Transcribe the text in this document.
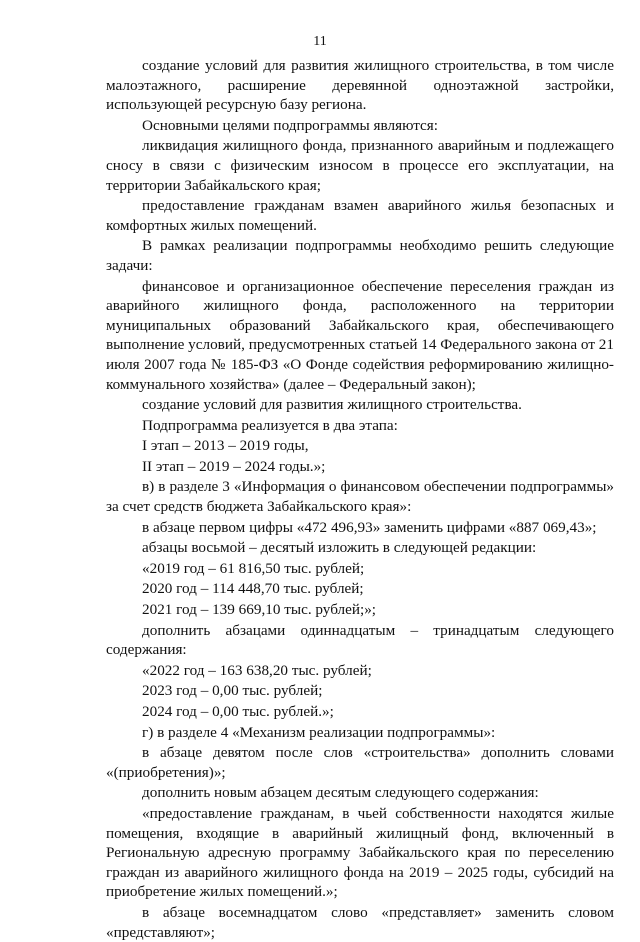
11

создание условий для развития жилищного строительства, в том числе малоэтажного, расширение деревянной одноэтажной застройки, использующей ресурсную базу региона.

Основными целями подпрограммы являются:

ликвидация жилищного фонда, признанного аварийным и подлежащего сносу в связи с физическим износом в процессе его эксплуатации, на территории Забайкальского края;

предоставление гражданам взамен аварийного жилья безопасных и комфортных жилых помещений.

В рамках реализации подпрограммы необходимо решить следующие задачи:

финансовое и организационное обеспечение переселения граждан из аварийного жилищного фонда, расположенного на территории муниципальных образований Забайкальского края, обеспечивающего выполнение условий, предусмотренных статьей 14 Федерального закона от 21 июля 2007 года № 185-ФЗ «О Фонде содействия реформированию жилищно-коммунального хозяйства» (далее – Федеральный закон);

создание условий для развития жилищного строительства.

Подпрограмма реализуется в два этапа:

I этап – 2013 – 2019 годы,

II этап – 2019 – 2024 годы.»;

в) в разделе 3 «Информация о финансовом обеспечении подпрограммы» за счет средств бюджета Забайкальского края»:

в абзаце первом цифры «472 496,93» заменить цифрами «887 069,43»;

абзацы восьмой – десятый изложить в следующей редакции:

«2019 год – 61 816,50 тыс. рублей;

2020 год – 114 448,70 тыс. рублей;

2021 год – 139 669,10 тыс. рублей;»;

дополнить абзацами одиннадцатым – тринадцатым следующего содержания:

«2022 год – 163 638,20 тыс. рублей;

2023 год – 0,00 тыс. рублей;

2024 год – 0,00 тыс. рублей.»;

г) в разделе 4 «Механизм реализации подпрограммы»:

в абзаце девятом после слов «строительства» дополнить словами «(приобретения)»;

дополнить новым абзацем десятым следующего содержания:

«предоставление гражданам, в чьей собственности находятся жилые помещения, входящие в аварийный жилищный фонд, включенный в Региональную адресную программу Забайкальского края по переселению граждан из аварийного жилищного фонда на 2019 – 2025 годы, субсидий на приобретение жилых помещений.»;

в абзаце восемнадцатом слово «представляет» заменить словом «представляют»;
